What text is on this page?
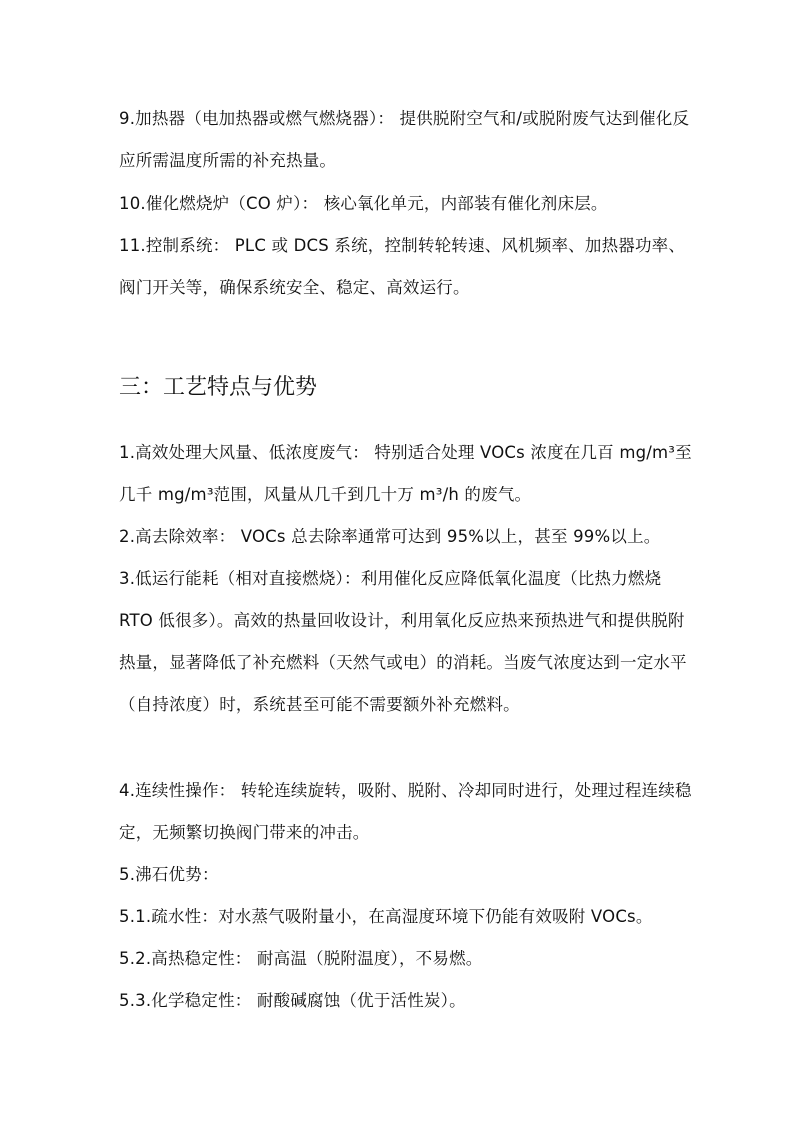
9.加热器（电加热器或燃气燃烧器）： 提供脱附空气和/或脱附废气达到催化反应所需温度所需的补充热量。

10.催化燃烧炉（CO 炉）： 核心氧化单元，内部装有催化剂床层。

11.控制系统： PLC 或 DCS 系统，控制转轮转速、风机频率、加热器功率、阀门开关等，确保系统安全、稳定、高效运行。

三：工艺特点与优势

1.高效处理大风量、低浓度废气： 特别适合处理 VOCs 浓度在几百 mg/m³至几千 mg/m³范围，风量从几千到几十万 m³/h 的废气。

2.高去除效率： VOCs 总去除率通常可达到 95%以上，甚至 99%以上。

3.低运行能耗（相对直接燃烧）：利用催化反应降低氧化温度（比热力燃烧 RTO 低很多）。高效的热量回收设计，利用氧化反应热来预热进气和提供脱附热量，显著降低了补充燃料（天然气或电）的消耗。当废气浓度达到一定水平（自持浓度）时，系统甚至可能不需要额外补充燃料。

4.连续性操作： 转轮连续旋转，吸附、脱附、冷却同时进行，处理过程连续稳定，无频繁切换阀门带来的冲击。

5.沸石优势：

5.1.疏水性：对水蒸气吸附量小，在高湿度环境下仍能有效吸附 VOCs。

5.2.高热稳定性： 耐高温（脱附温度），不易燃。

5.3.化学稳定性： 耐酸碱腐蚀（优于活性炭）。
